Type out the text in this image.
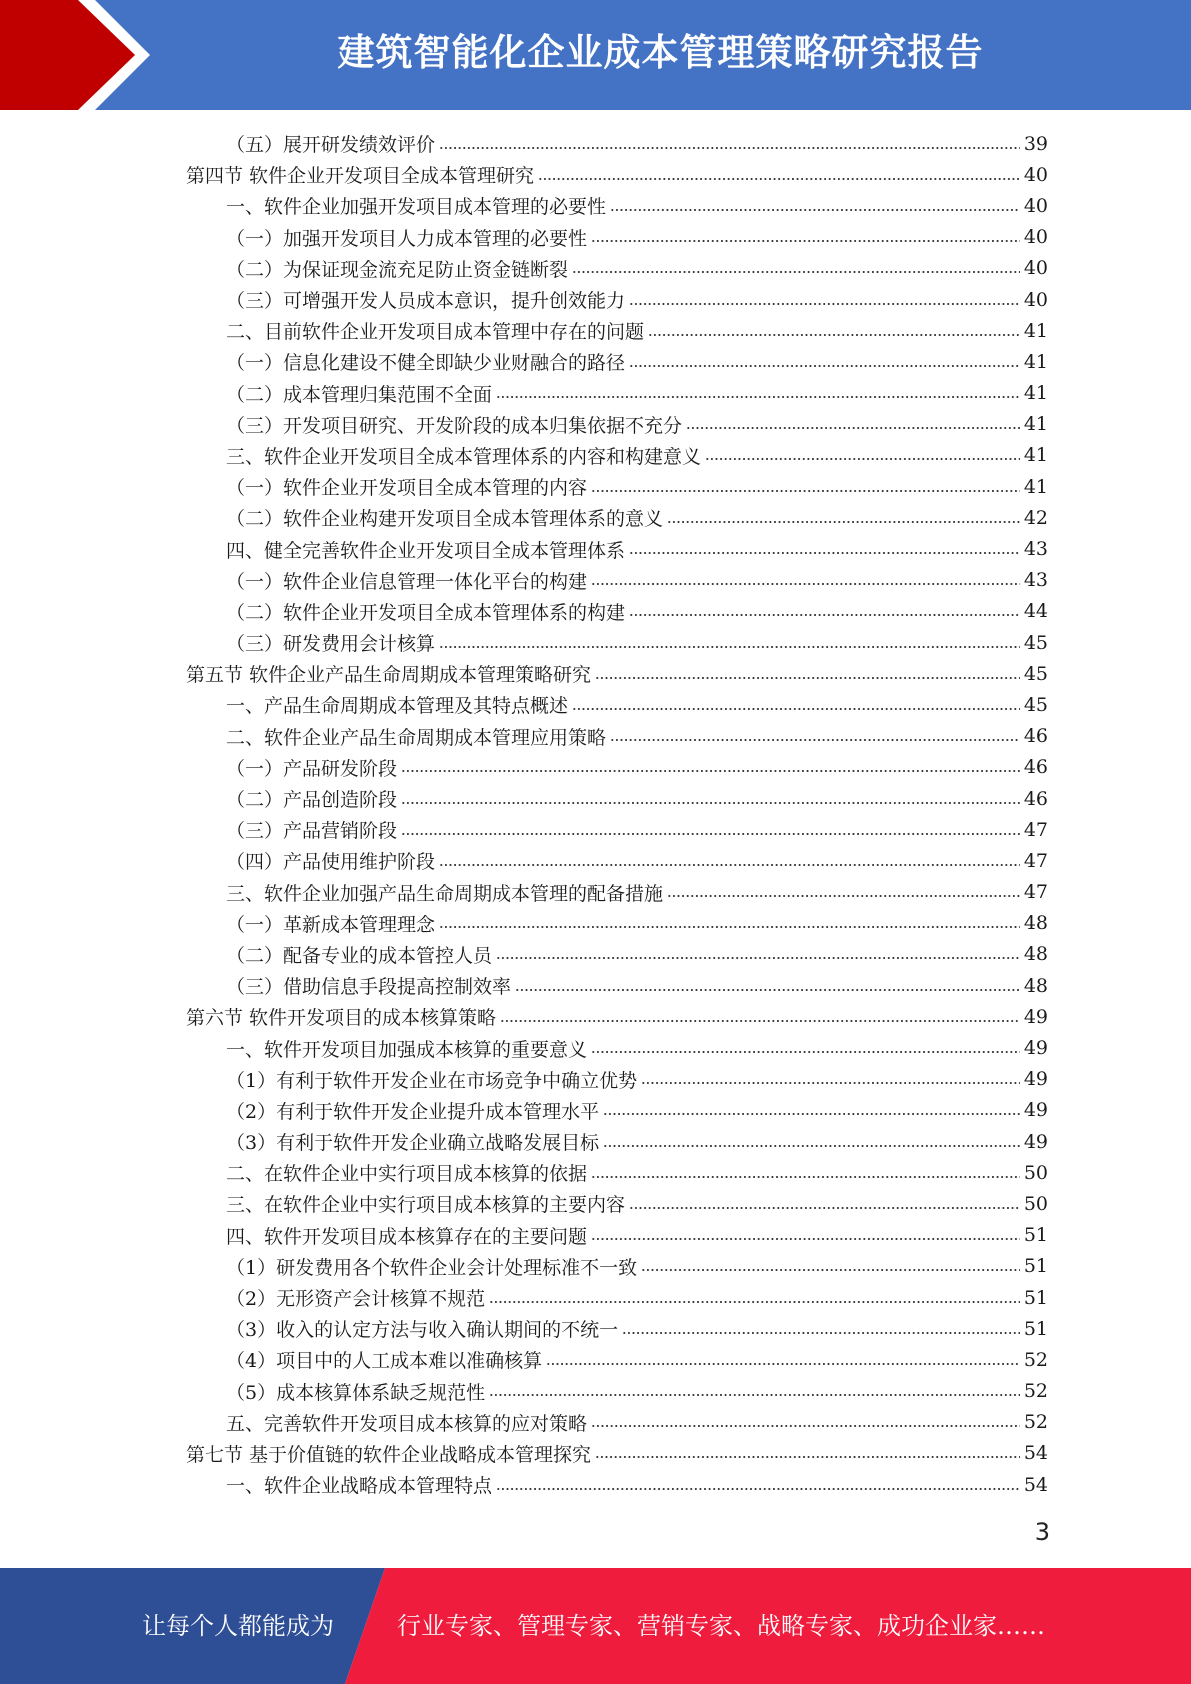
建筑智能化企业成本管理策略研究报告
（五）展开研发绩效评价	39
第四节 软件企业开发项目全成本管理研究	40
一、软件企业加强开发项目成本管理的必要性	40
（一）加强开发项目人力成本管理的必要性	40
（二）为保证现金流充足防止资金链断裂	40
（三）可增强开发人员成本意识，提升创效能力	40
二、目前软件企业开发项目成本管理中存在的问题	41
（一）信息化建设不健全即缺少业财融合的路径	41
（二）成本管理归集范围不全面	41
（三）开发项目研究、开发阶段的成本归集依据不充分	41
三、软件企业开发项目全成本管理体系的内容和构建意义	41
（一）软件企业开发项目全成本管理的内容	41
（二）软件企业构建开发项目全成本管理体系的意义	42
四、健全完善软件企业开发项目全成本管理体系	43
（一）软件企业信息管理一体化平台的构建	43
（二）软件企业开发项目全成本管理体系的构建	44
（三）研发费用会计核算	45
第五节 软件企业产品生命周期成本管理策略研究	45
一、产品生命周期成本管理及其特点概述	45
二、软件企业产品生命周期成本管理应用策略	46
（一）产品研发阶段	46
（二）产品创造阶段	46
（三）产品营销阶段	47
（四）产品使用维护阶段	47
三、软件企业加强产品生命周期成本管理的配备措施	47
（一）革新成本管理理念	48
（二）配备专业的成本管控人员	48
（三）借助信息手段提高控制效率	48
第六节 软件开发项目的成本核算策略	49
一、软件开发项目加强成本核算的重要意义	49
（1）有利于软件开发企业在市场竞争中确立优势	49
（2）有利于软件开发企业提升成本管理水平	49
（3）有利于软件开发企业确立战略发展目标	49
二、在软件企业中实行项目成本核算的依据	50
三、在软件企业中实行项目成本核算的主要内容	50
四、软件开发项目成本核算存在的主要问题	51
（1）研发费用各个软件企业会计处理标准不一致	51
（2）无形资产会计核算不规范	51
（3）收入的认定方法与收入确认期间的不统一	51
（4）项目中的人工成本难以准确核算	52
（5）成本核算体系缺乏规范性	52
五、完善软件开发项目成本核算的应对策略	52
第七节 基于价值链的软件企业战略成本管理探究	54
一、软件企业战略成本管理特点	54
3
让每个人都能成为	行业专家、管理专家、营销专家、战略专家、成功企业家……
